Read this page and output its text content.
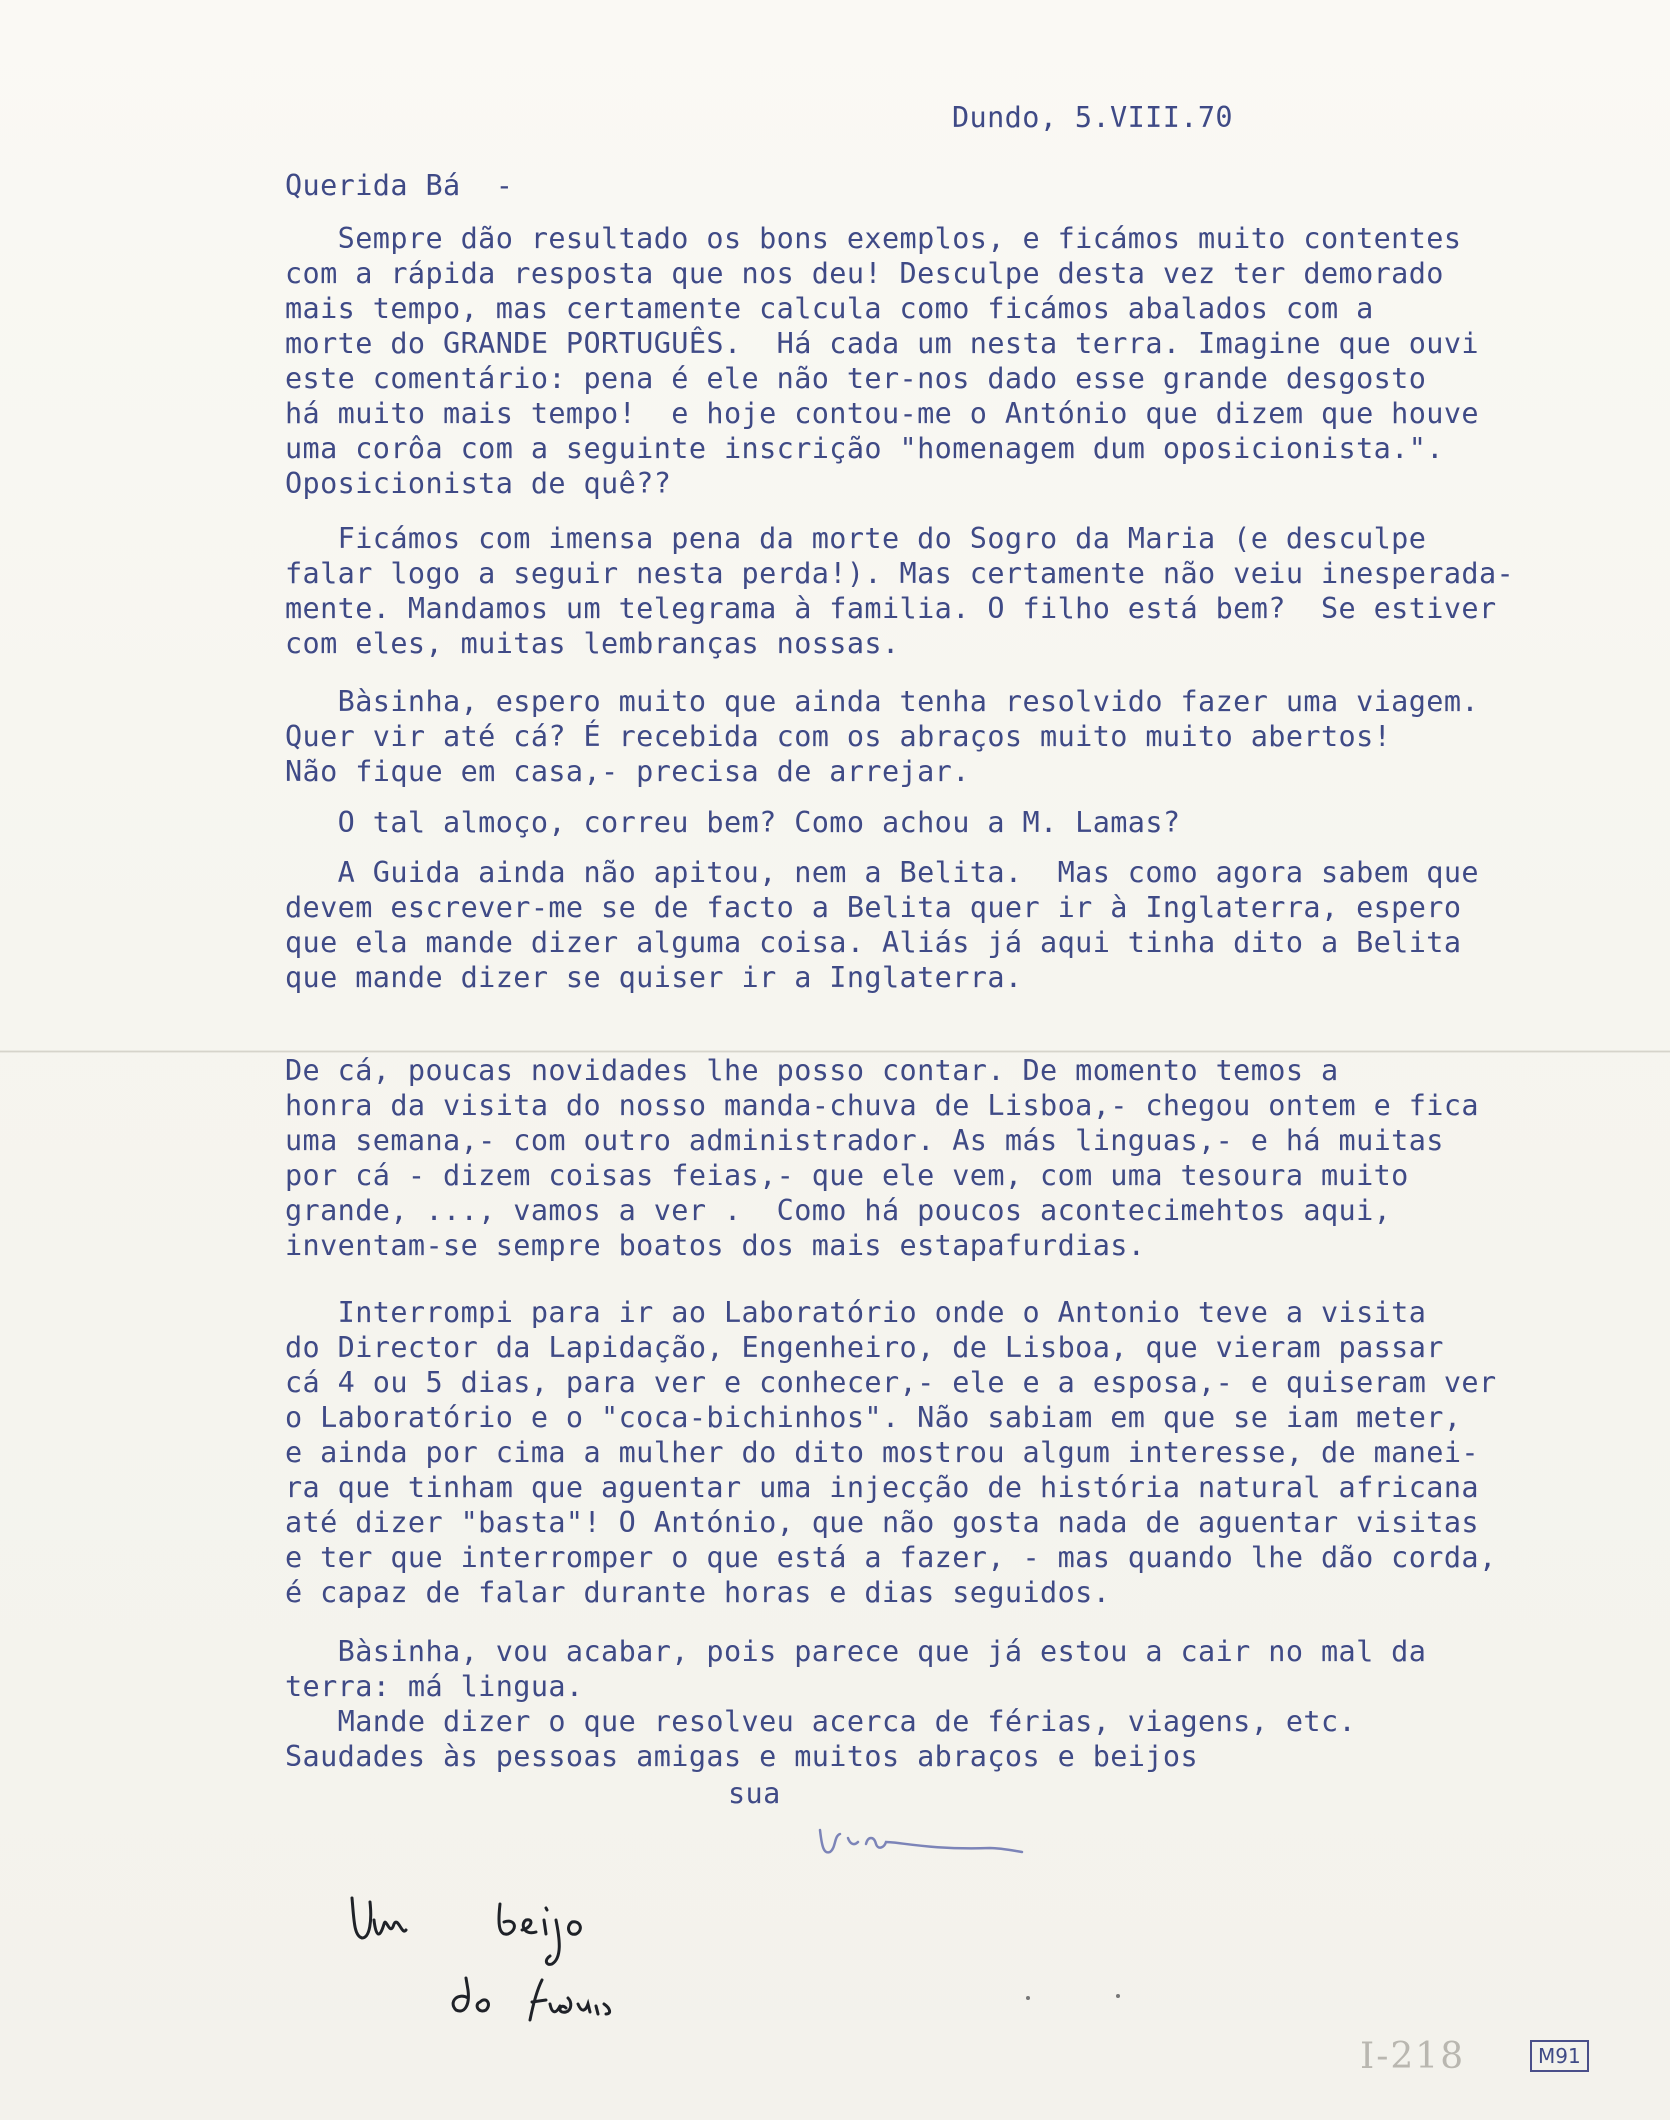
Dundo, 5.VIII.70
Querida Bá  -
Sempre dão resultado os bons exemplos, e ficámos muito contentes
com a rápida resposta que nos deu! Desculpe desta vez ter demorado
mais tempo, mas certamente calcula como ficámos abalados com a
morte do GRANDE PORTUGUÊS.  Há cada um nesta terra. Imagine que ouvi
este comentário: pena é ele não ter-nos dado esse grande desgosto
há muito mais tempo!  e hoje contou-me o António que dizem que houve
uma corôa com a seguinte inscrição "homenagem dum oposicionista.".
Oposicionista de quê??
Ficámos com imensa pena da morte do Sogro da Maria (e desculpe
falar logo a seguir nesta perda!). Mas certamente não veiu inesperada-
mente. Mandamos um telegrama à familia. O filho está bem?  Se estiver
com eles, muitas lembranças nossas.
Bàsinha, espero muito que ainda tenha resolvido fazer uma viagem.
Quer vir até cá? É recebida com os abraços muito muito abertos!
Não fique em casa,- precisa de arrejar.
O tal almoço, correu bem? Como achou a M. Lamas?
A Guida ainda não apitou, nem a Belita.  Mas como agora sabem que
devem escrever-me se de facto a Belita quer ir à Inglaterra, espero
que ela mande dizer alguma coisa. Aliás já aqui tinha dito a Belita
que mande dizer se quiser ir a Inglaterra.
De cá, poucas novidades lhe posso contar. De momento temos a
honra da visita do nosso manda-chuva de Lisboa,- chegou ontem e fica
uma semana,- com outro administrador. As más linguas,- e há muitas
por cá - dizem coisas feias,- que ele vem, com uma tesoura muito
grande, ..., vamos a ver .  Como há poucos acontecimehtos aqui,
inventam-se sempre boatos dos mais estapafurdias.
Interrompi para ir ao Laboratório onde o Antonio teve a visita
do Director da Lapidação, Engenheiro, de Lisboa, que vieram passar
cá 4 ou 5 dias, para ver e conhecer,- ele e a esposa,- e quiseram ver
o Laboratório e o "coca-bichinhos". Não sabiam em que se iam meter,
e ainda por cima a mulher do dito mostrou algum interesse, de manei-
ra que tinham que aguentar uma injecção de história natural africana
até dizer "basta"! O António, que não gosta nada de aguentar visitas
e ter que interromper o que está a fazer, - mas quando lhe dão corda,
é capaz de falar durante horas e dias seguidos.
Bàsinha, vou acabar, pois parece que já estou a cair no mal da
terra: má lingua.
Mande dizer o que resolveu acerca de férias, viagens, etc.
Saudades às pessoas amigas e muitos abraços e beijos
sua
I-218	M91
